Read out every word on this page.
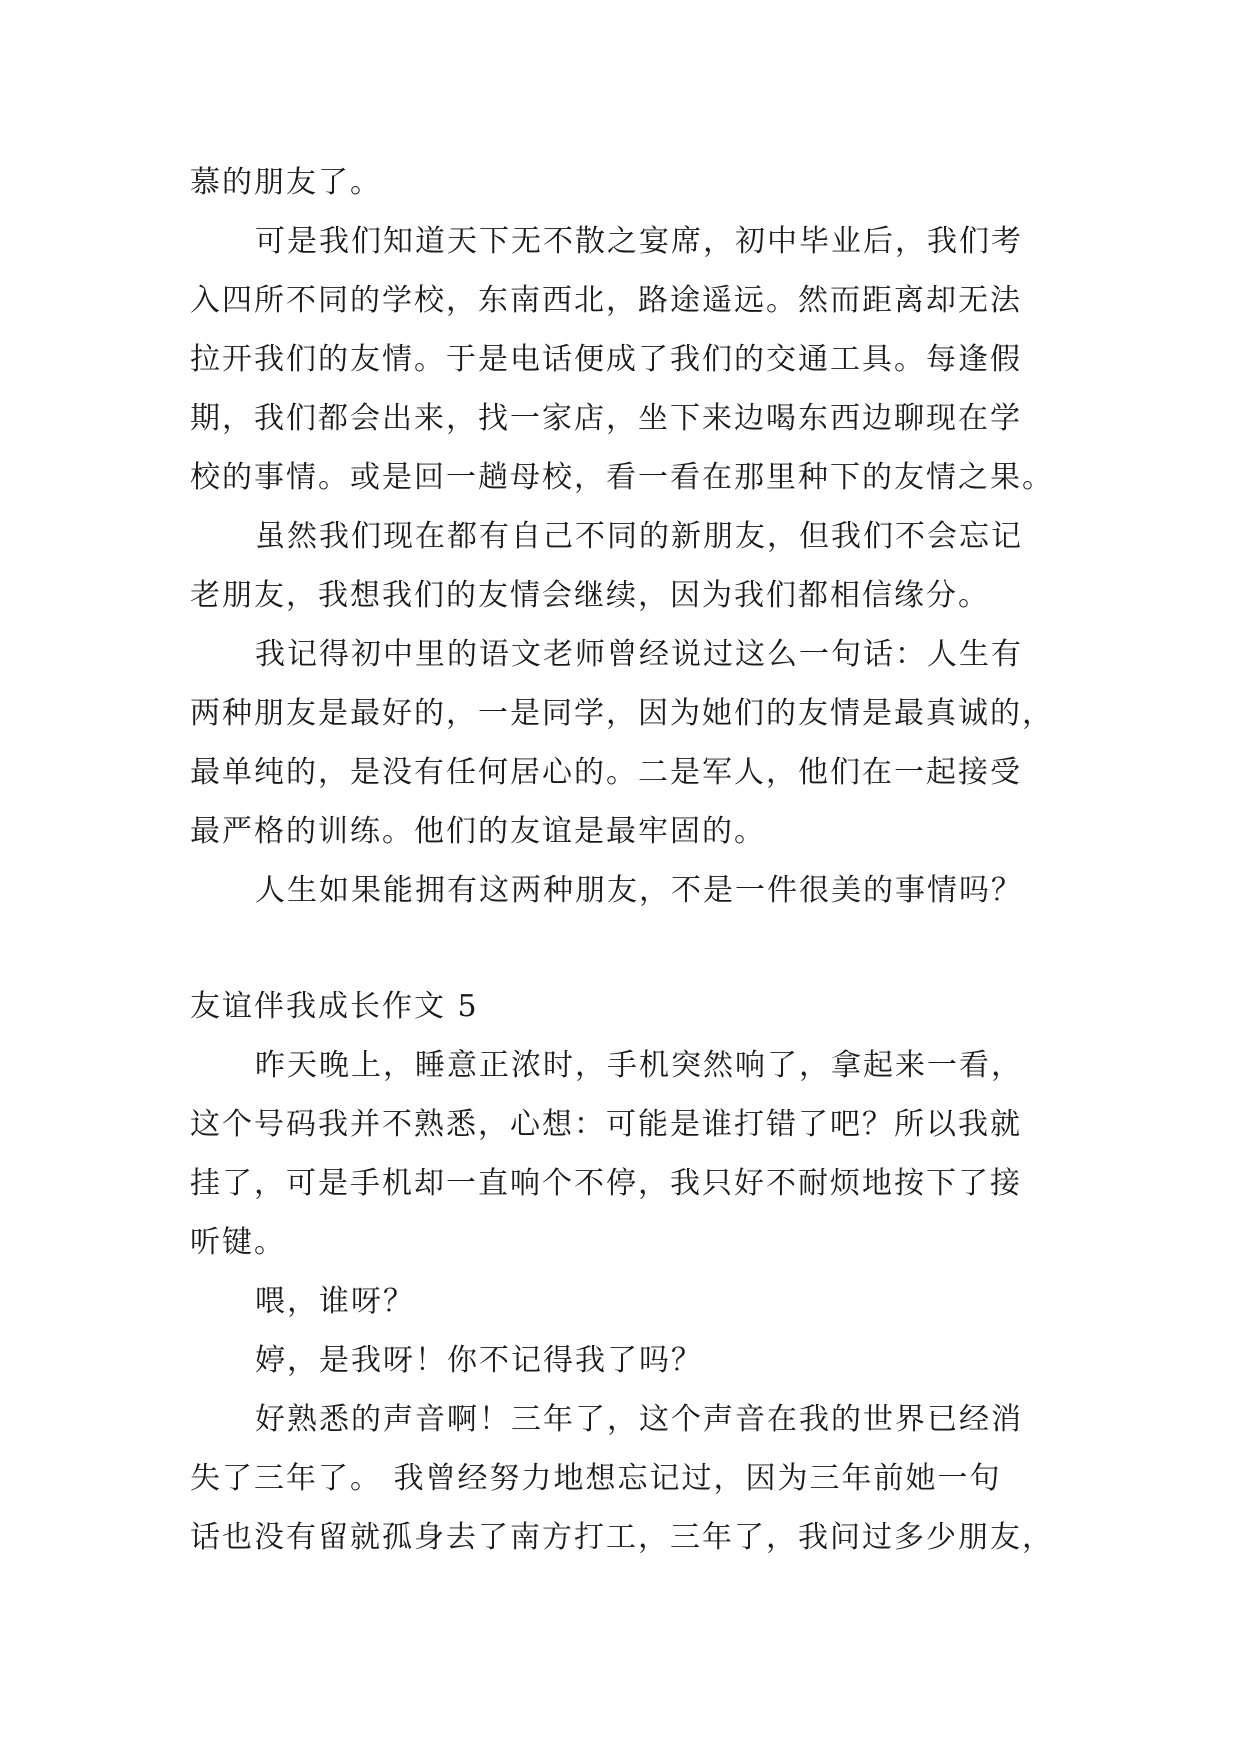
慕的朋友了。
可是我们知道天下无不散之宴席，初中毕业后，我们考
入四所不同的学校，东南西北，路途遥远。然而距离却无法
拉开我们的友情。于是电话便成了我们的交通工具。每逢假
期，我们都会出来，找一家店，坐下来边喝东西边聊现在学
校的事情。或是回一趟母校，看一看在那里种下的友情之果。
虽然我们现在都有自己不同的新朋友，但我们不会忘记
老朋友，我想我们的友情会继续，因为我们都相信缘分。
我记得初中里的语文老师曾经说过这么一句话：人生有
两种朋友是最好的，一是同学，因为她们的友情是最真诚的，
最单纯的，是没有任何居心的。二是军人，他们在一起接受
最严格的训练。他们的友谊是最牢固的。
人生如果能拥有这两种朋友，不是一件很美的事情吗？
友谊伴我成长作文 5
昨天晚上，睡意正浓时，手机突然响了，拿起来一看，
这个号码我并不熟悉，心想：可能是谁打错了吧？所以我就
挂了，可是手机却一直响个不停，我只好不耐烦地按下了接
听键。
喂，谁呀？
婷，是我呀！你不记得我了吗？
好熟悉的声音啊！三年了，这个声音在我的世界已经消
失了三年了。 我曾经努力地想忘记过，因为三年前她一句
话也没有留就孤身去了南方打工，三年了，我问过多少朋友，
